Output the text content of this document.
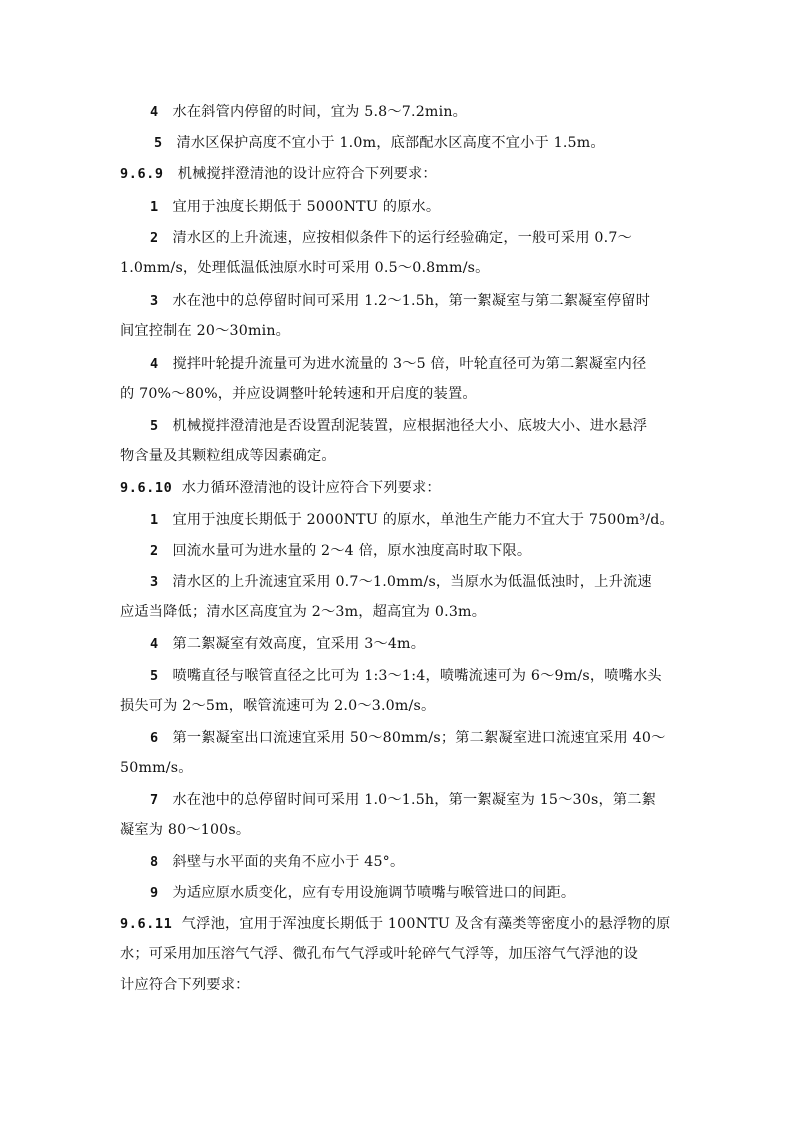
4 水在斜管内停留的时间，宜为 5.8～7.2min。
5 清水区保护高度不宜小于 1.0m，底部配水区高度不宜小于 1.5m。
9.6.9 机械搅拌澄清池的设计应符合下列要求：
1 宜用于浊度长期低于 5000NTU 的原水。
2 清水区的上升流速，应按相似条件下的运行经验确定，一般可采用 0.7～
1.0mm/s，处理低温低浊原水时可采用 0.5～0.8mm/s。
3 水在池中的总停留时间可采用 1.2～1.5h，第一絮凝室与第二絮凝室停留时
间宜控制在 20～30min。
4 搅拌叶轮提升流量可为进水流量的 3～5 倍，叶轮直径可为第二絮凝室内径
的 70%～80%，并应设调整叶轮转速和开启度的装置。
5 机械搅拌澄清池是否设置刮泥装置，应根据池径大小、底坡大小、进水悬浮
物含量及其颗粒组成等因素确定。
9.6.10 水力循环澄清池的设计应符合下列要求：
1 宜用于浊度长期低于 2000NTU 的原水，单池生产能力不宜大于 7500m³/d。
2 回流水量可为进水量的 2～4 倍，原水浊度高时取下限。
3 清水区的上升流速宜采用 0.7～1.0mm/s，当原水为低温低浊时，上升流速
应适当降低；清水区高度宜为 2～3m，超高宜为 0.3m。
4 第二絮凝室有效高度，宜采用 3～4m。
5 喷嘴直径与喉管直径之比可为 1:3～1:4，喷嘴流速可为 6～9m/s，喷嘴水头
损失可为 2～5m，喉管流速可为 2.0～3.0m/s。
6 第一絮凝室出口流速宜采用 50～80mm/s；第二絮凝室进口流速宜采用 40～
50mm/s。
7 水在池中的总停留时间可采用 1.0～1.5h，第一絮凝室为 15～30s，第二絮
凝室为 80～100s。
8 斜壁与水平面的夹角不应小于 45°。
9 为适应原水质变化，应有专用设施调节喷嘴与喉管进口的间距。
9.6.11 气浮池，宜用于浑浊度长期低于 100NTU 及含有藻类等密度小的悬浮物的原
水；可采用加压溶气气浮、微孔布气气浮或叶轮碎气气浮等，加压溶气气浮池的设
计应符合下列要求：
